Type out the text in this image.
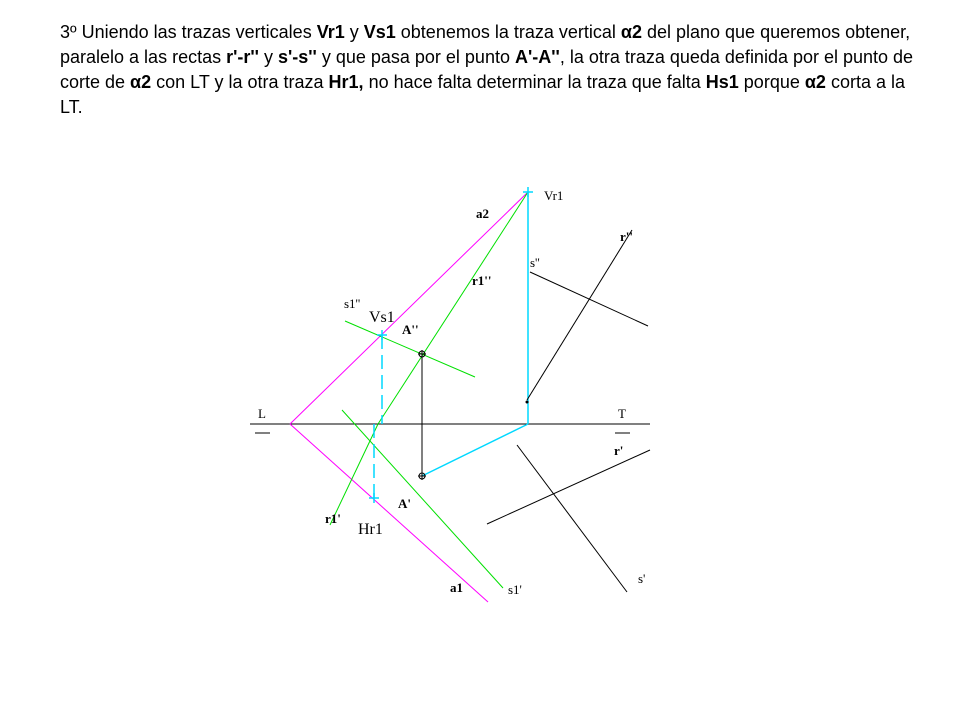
3º Uniendo las trazas verticales Vr1 y Vs1 obtenemos la traza vertical α2 del plano que queremos obtener, paralelo a las rectas r'-r'' y s'-s'' y que pasa por el punto A'-A'', la otra traza queda definida por el punto de corte de α2 con LT y la otra traza Hr1, no hace falta determinar la traza que falta Hs1 porque α2 corta a la LT.
L	T
Vr1
a2
r1''
s''
r''
s1''
Vs1
A''
r'
A'
r1'
Hr1
a1	s1'
s'
